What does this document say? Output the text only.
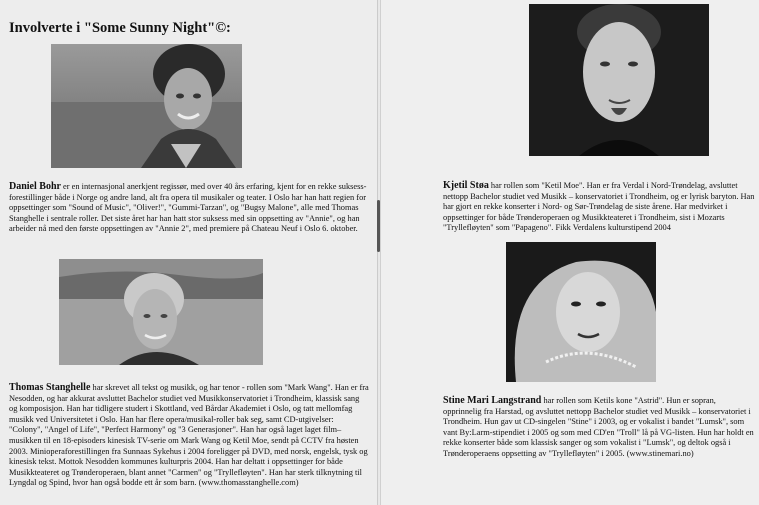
Involverte i "Some Sunny Night"©:
Daniel Bohr er en internasjonal anerkjent regissør, med over 40 års erfaring, kjent for en rekke suksess- forestillinger både i Norge og andre land, alt fra opera til musikaler og teater. I Oslo har han hatt regien for oppsettinger som "Sound of Music", "Oliver!", "Gummi-Tarzan", og "Bugsy Malone", alle med Thomas Stanghelle i sentrale roller. Det siste året har han hatt stor suksess med sin oppsetting av "Annie", og han arbeider nå med den første oppsettingen av "Annie 2", med premiere på Chateau Neuf i Oslo 6. oktober.
Thomas Stanghelle har skrevet all tekst og musikk, og har tenor - rollen som "Mark Wang". Han er fra Nesodden, og har akkurat avsluttet Bachelor studiet ved Musikkonservatoriet i Trondheim, klassisk sang og komposisjon. Han har tidligere studert i Skottland, ved Bårdar Akademiet i Oslo, og tatt mellomfag musikk ved Universitetet i Oslo. Han har flere opera/musikal-roller bak seg, samt CD-utgivelser: "Colony", "Angel of Life", "Perfect Harmony" og "3 Generasjoner". Han har også laget laget film–musikken til en 18-episoders kinesisk TV-serie om Mark Wang og Ketil Moe, sendt på CCTV fra høsten 2003. Minioperaforestillingen fra Sunnaas Sykehus i 2004 foreligger på DVD, med norsk, engelsk, tysk og kinesisk tekst. Mottok Nesodden kommunes kulturpris 2004. Han har deltatt i oppsettinger for både Musikkteateret og Trønderoperaen, blant annet "Carmen" og "Tryllefløyten". Han har sterk tilknytning til Lyngdal og Spind, hvor han også bodde ett år som barn. (www.thomasstanghelle.com)
Kjetil Støa har rollen som "Ketil Moe". Han er fra Verdal i Nord-Trøndelag, avsluttet nettopp Bachelor studiet ved Musikk – konservatoriet i Trondheim, og er lyrisk baryton. Han har gjort en rekke konserter i Nord- og Sør-Trøndelag de siste årene. Har medvirket i oppsettinger for både Trønderoperaen og Musikkteateret i Trondheim, sist i Mozarts "Tryllefløyten" som "Papageno". Fikk Verdalens kulturstipend 2004
Stine Mari Langstrand har rollen som Ketils kone "Astrid". Hun er sopran, opprinnelig fra Harstad, og avsluttet nettopp Bachelor studiet ved Musikk – konservatoriet i Trondheim. Hun gav ut CD-singelen "Stine" i 2003, og er vokalist i bandet "Lumsk", som vant By:Larm-stipendiet i 2005 og som med CD'en "Troll" lå på VG-listen. Hun har holdt en rekke konserter både som klassisk sanger og som vokalist i "Lumsk", og deltok også i Trønderoperaens oppsetting av "Tryllefløyten" i 2005. (www.stinemari.no)
